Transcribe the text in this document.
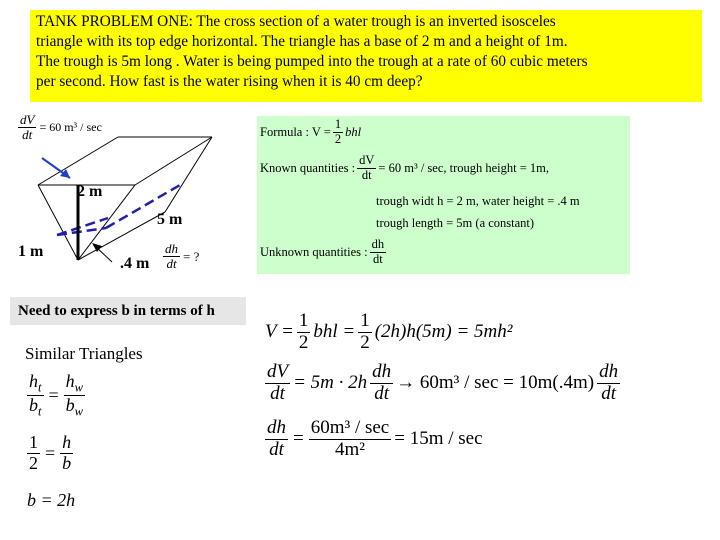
TANK PROBLEM ONE: The cross section of a water trough is an inverted isosceles
triangle with its top edge horizontal. The triangle has a base of 2 m and a height of 1m.
The trough is 5m long . Water is being pumped into the trough at a rate of 60 cubic meters
per second. How fast is the water rising when it is 40 cm deep?
$\frac{dV}{dt} = 60$ m³ / sec
2 m
5 m
1 m
.4 m $\frac{dh}{dt}$ = ?
Formula : $V = \frac{1}{2}$ bhl
Known quantities : $\frac{dV}{dt} = 60$ m³ / sec, trough height = 1m,
trough widt h = 2 m, water height = .4 m
trough length = 5m (a constant)
Unknown quantities : $\frac{dh}{dt}$
Need to express b in terms of h
Similar Triangles
$\frac{h_t}{b_t} = \frac{h_w}{b_w}$
$\frac{1}{2} = \frac{h}{b}$
b = 2h
$V = \frac{1}{2}$ bhl = $\frac{1}{2} (2h)h(5m) = 5mh^2$
$\frac{dV}{dt} = 5m \cdot 2h \frac{dh}{dt} \to 60m^3 / \sec = 10m(.4m) \frac{dh}{dt}$
$\frac{dh}{dt} = \frac{\text{60m³ / sec}}{\text{4m²}} = 15m / \sec$
